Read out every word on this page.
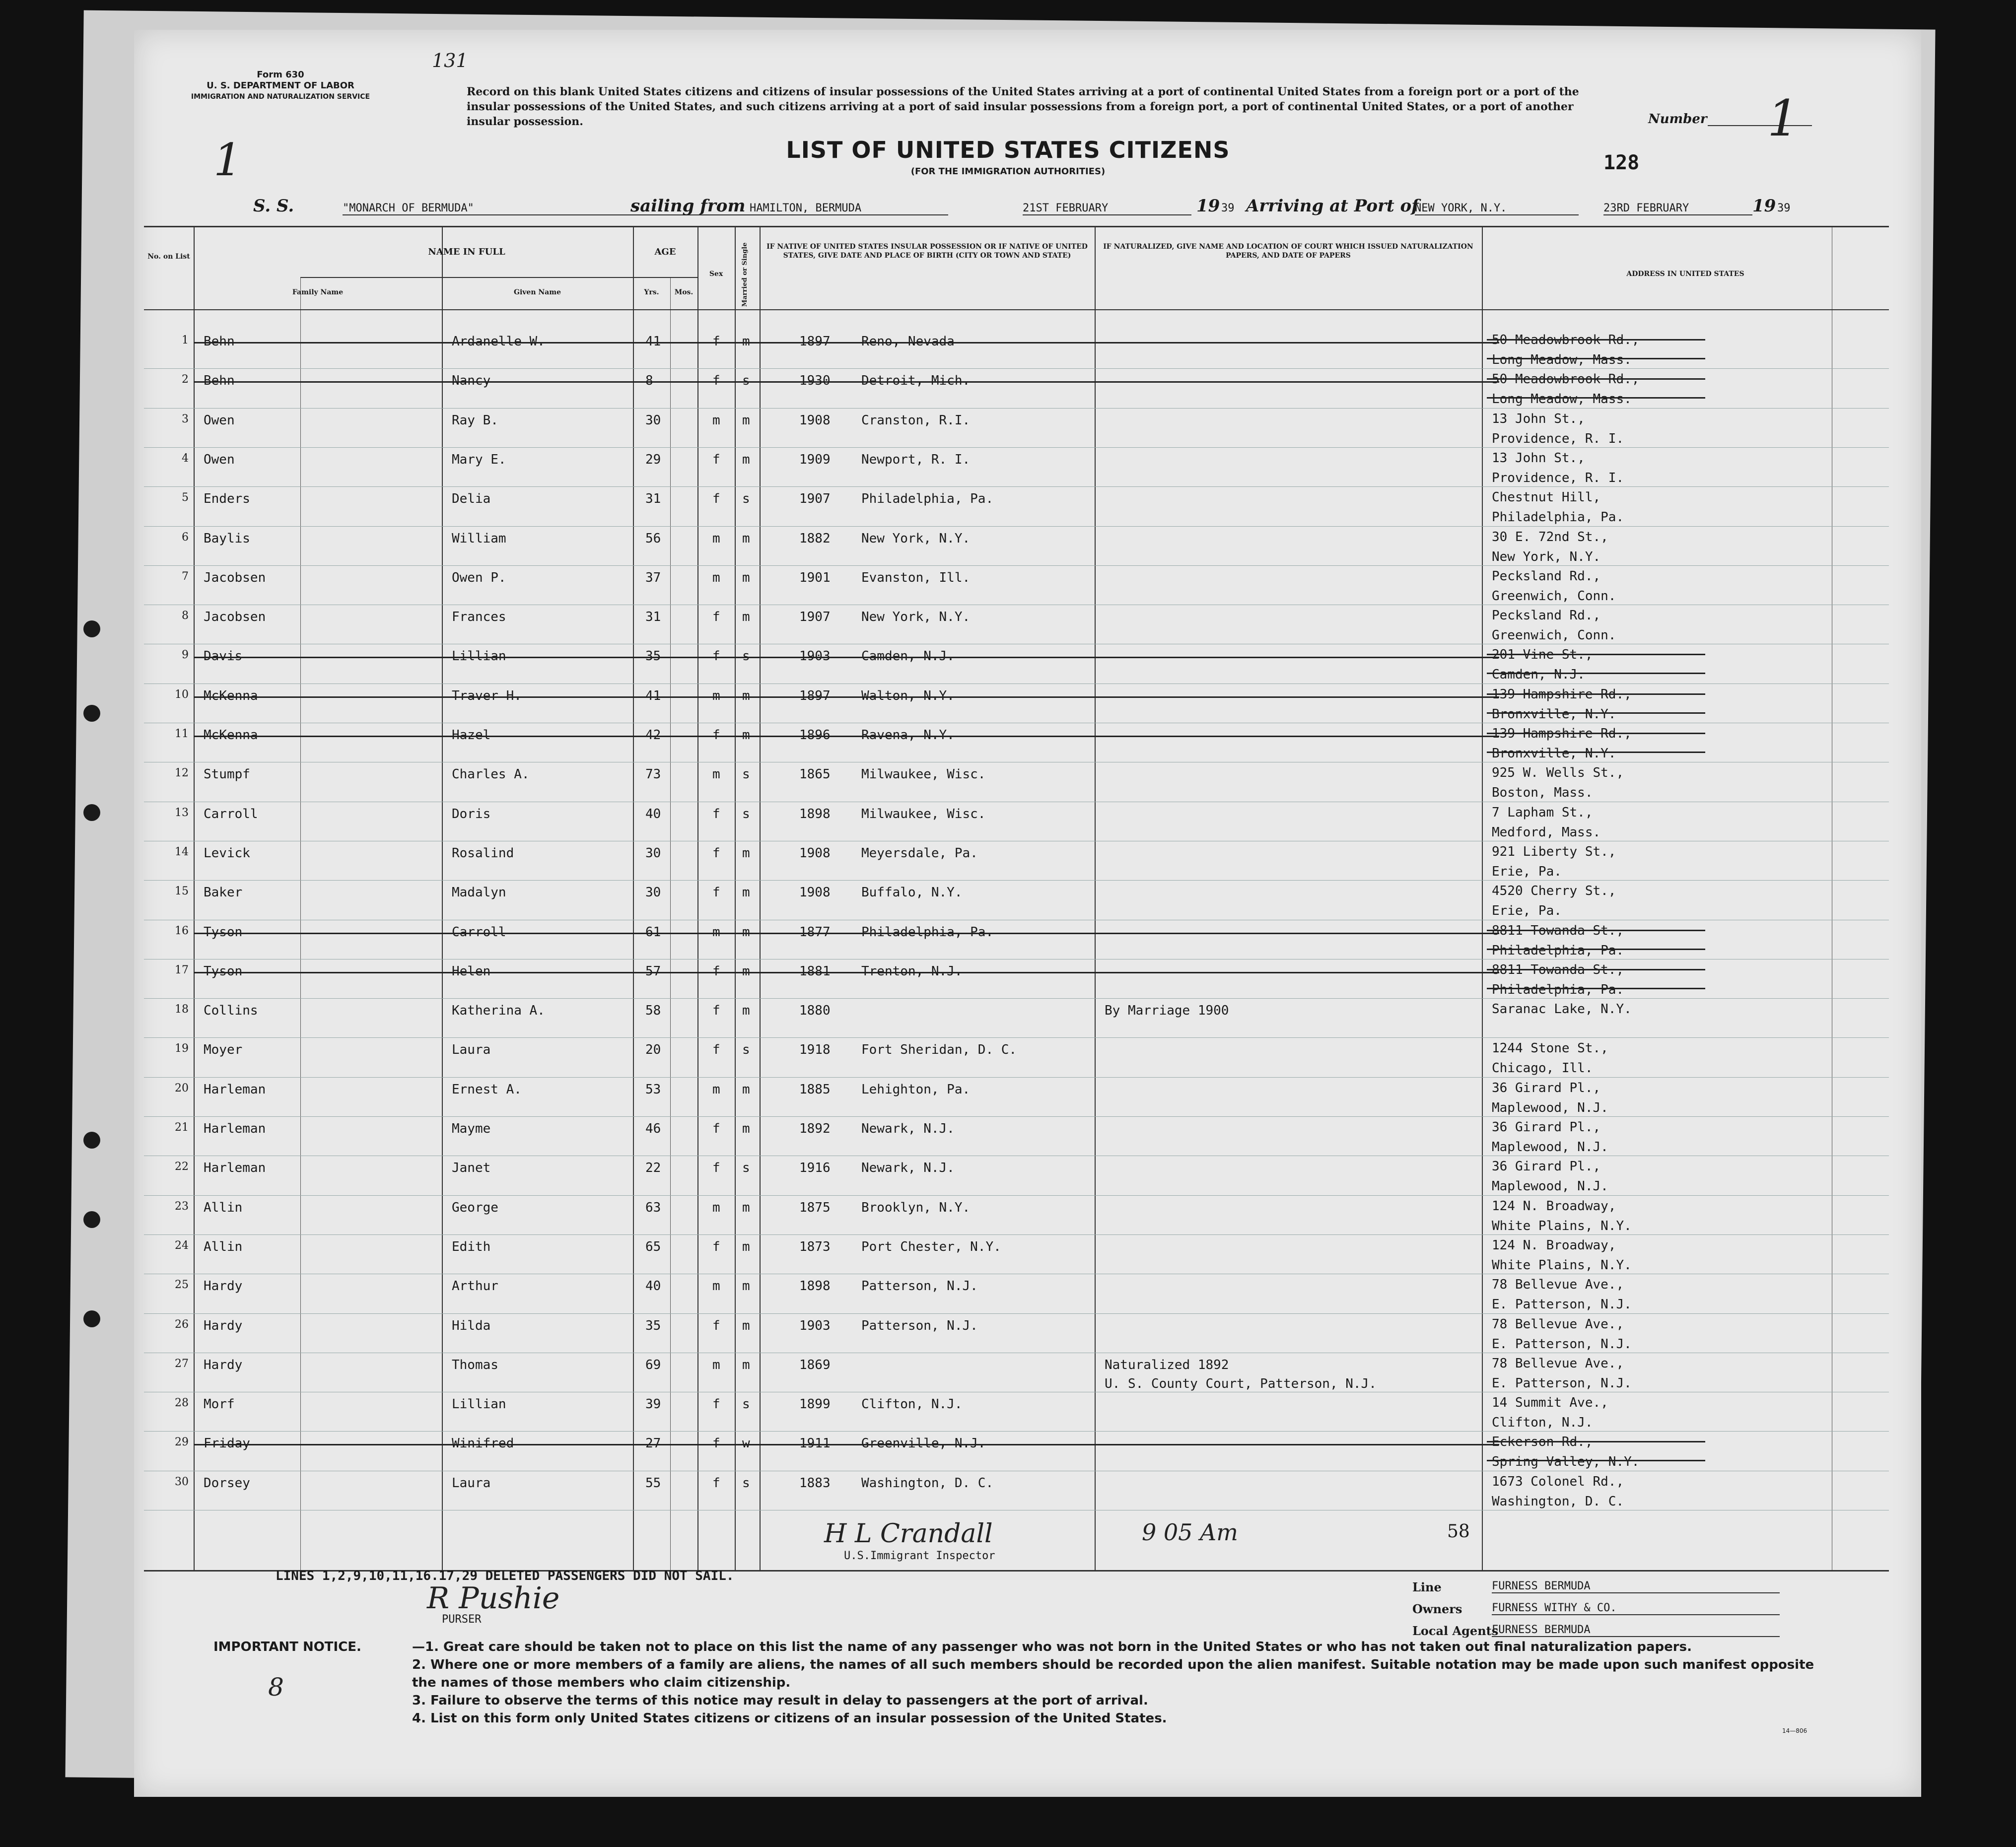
Form 630
U. S. DEPARTMENT OF LABOR
IMMIGRATION AND NATURALIZATION SERVICE
131
1
Record on this blank United States citizens and citizens of insular possessions of the United States arriving at a port of continental United States from a foreign port or a port of the insular possessions of the United States, and such citizens arriving at a port of said insular possessions from a foreign port, a port of continental United States, or a port of another insular possession.	Number 1
LIST OF UNITED STATES CITIZENS
(FOR THE IMMIGRATION AUTHORITIES)	128
S. S.	"MONARCH OF BERMUDA"	sailing from HAMILTON, BERMUDA	21ST FEBRUARY	19 39 Arriving at Port of
NEW YORK, N.Y.	23RD FEBRUARY	19 39
No. on List	NAME IN FULL
Family Name	Given Name
AGE
Yrs.	Mos.
Sex	Married or Single	IF NATIVE OF UNITED STATES INSULAR POSSESSION OR IF NATIVE OF UNITED STATES, GIVE DATE AND PLACE OF BIRTH (CITY OR TOWN AND STATE)
IF NATURALIZED, GIVE NAME AND LOCATION OF COURT WHICH ISSUED NATURALIZATION PAPERS, AND DATE OF PAPERS
ADDRESS IN UNITED STATES
1 Behn	Ardanelle W.	41	f m	1897 Reno, Nevada	50 Meadowbrook Rd.,
Long Meadow, Mass.
2 Behn	Nancy	8	f s	1930 Detroit, Mich.	50 Meadowbrook Rd.,
Long Meadow, Mass.
3 Owen	Ray B.	30	m m	1908 Cranston, R.I.	13 John St.,
Providence, R. I.
4 Owen	Mary E.	29	f m	1909 Newport, R. I.	13 John St.,
Providence, R. I.
5 Enders	Delia	31	f s	1907 Philadelphia, Pa.	Chestnut Hill,
Philadelphia, Pa.
6 Baylis	William	56	m m	1882 New York, N.Y.	30 E. 72nd St.,
New York, N.Y.
7 Jacobsen	Owen P.	37	m m	1901 Evanston, Ill.	Pecksland Rd.,
Greenwich, Conn.
8 Jacobsen	Frances	31	f m	1907 New York, N.Y.	Pecksland Rd.,
Greenwich, Conn.
9 Davis	Lillian	35	f s	1903 Camden, N.J.	201 Vine St.,
Camden, N.J.
10 McKenna	Traver H.	41	m m	1897 Walton, N.Y.	139 Hampshire Rd.,
Bronxville, N.Y.
11 McKenna	Hazel	42	f m	1896 Ravena, N.Y.	139 Hampshire Rd.,
Bronxville, N.Y.
12 Stumpf	Charles A.	73	m s	1865 Milwaukee, Wisc.	925 W. Wells St.,
Boston, Mass.
13 Carroll	Doris	40	f s	1898 Milwaukee, Wisc.	7 Lapham St.,
Medford, Mass.
14 Levick	Rosalind	30	f m	1908 Meyersdale, Pa.	921 Liberty St.,
Erie, Pa.
15 Baker	Madalyn	30	f m	1908 Buffalo, N.Y.	4520 Cherry St.,
Erie, Pa.
16 Tyson	Carroll	61	m m	1877 Philadelphia, Pa.	8811 Towanda St.,
Philadelphia, Pa.
17 Tyson	Helen	57	f m	1881 Trenton, N.J.	8811 Towanda St.,
Philadelphia, Pa.
18 Collins	Katherina A.	58	f m	1880	By Marriage 1900	Saranac Lake, N.Y.
19 Moyer	Laura	20	f s	1918 Fort Sheridan, D. C.	1244 Stone St.,
Chicago, Ill.
20 Harleman	Ernest A.	53	m m	1885 Lehighton, Pa.	36 Girard Pl.,
Maplewood, N.J.
21 Harleman	Mayme	46	f m	1892 Newark, N.J.	36 Girard Pl.,
Maplewood, N.J.
22 Harleman	Janet	22	f s	1916 Newark, N.J.	36 Girard Pl.,
Maplewood, N.J.
23 Allin	George	63	m m	1875 Brooklyn, N.Y.	124 N. Broadway,
White Plains, N.Y.
24 Allin	Edith	65	f m	1873 Port Chester, N.Y.	124 N. Broadway,
White Plains, N.Y.
25 Hardy	Arthur	40	m m	1898 Patterson, N.J.	78 Bellevue Ave.,
E. Patterson, N.J.
26 Hardy	Hilda	35	f m	1903 Patterson, N.J.	78 Bellevue Ave.,
E. Patterson, N.J.
27 Hardy	Thomas	69	m m	1869	Naturalized 1892
U. S. County Court, Patterson, N.J.
78 Bellevue Ave.,
E. Patterson, N.J.
28 Morf	Lillian	39	f s	1899 Clifton, N.J.	14 Summit Ave.,
Clifton, N.J.
29 Friday	Winifred	27	f w	1911 Greenville, N.J.	Eckerson Rd.,
Spring Valley, N.Y.
30 Dorsey	Laura	55	f s	1883 Washington, D. C.	1673 Colonel Rd.,
Washington, D. C.
LINES 1,2,9,10,11,16.17,29 DELETED PASSENGERS DID NOT SAIL.
H L Crandall	9 05 Am
U.S.Immigrant Inspector
58
R Pushie
PURSER
Line	FURNESS BERMUDA
Owners	FURNESS WITHY & CO.
Local Agents
FURNESS BERMUDA
IMPORTANT NOTICE.	—1. Great care should be taken not to place on this list the name of any passenger who was not born in the United States or who has not taken out final naturalization papers.
2. Where one or more members of a family are aliens, the names of all such members should be recorded upon the alien manifest. Suitable notation may be made upon such manifest opposite the names of those members who claim citizenship.
3. Failure to observe the terms of this notice may result in delay to passengers at the port of arrival.
4. List on this form only United States citizens or citizens of an insular possession of the United States.
8
14—806
